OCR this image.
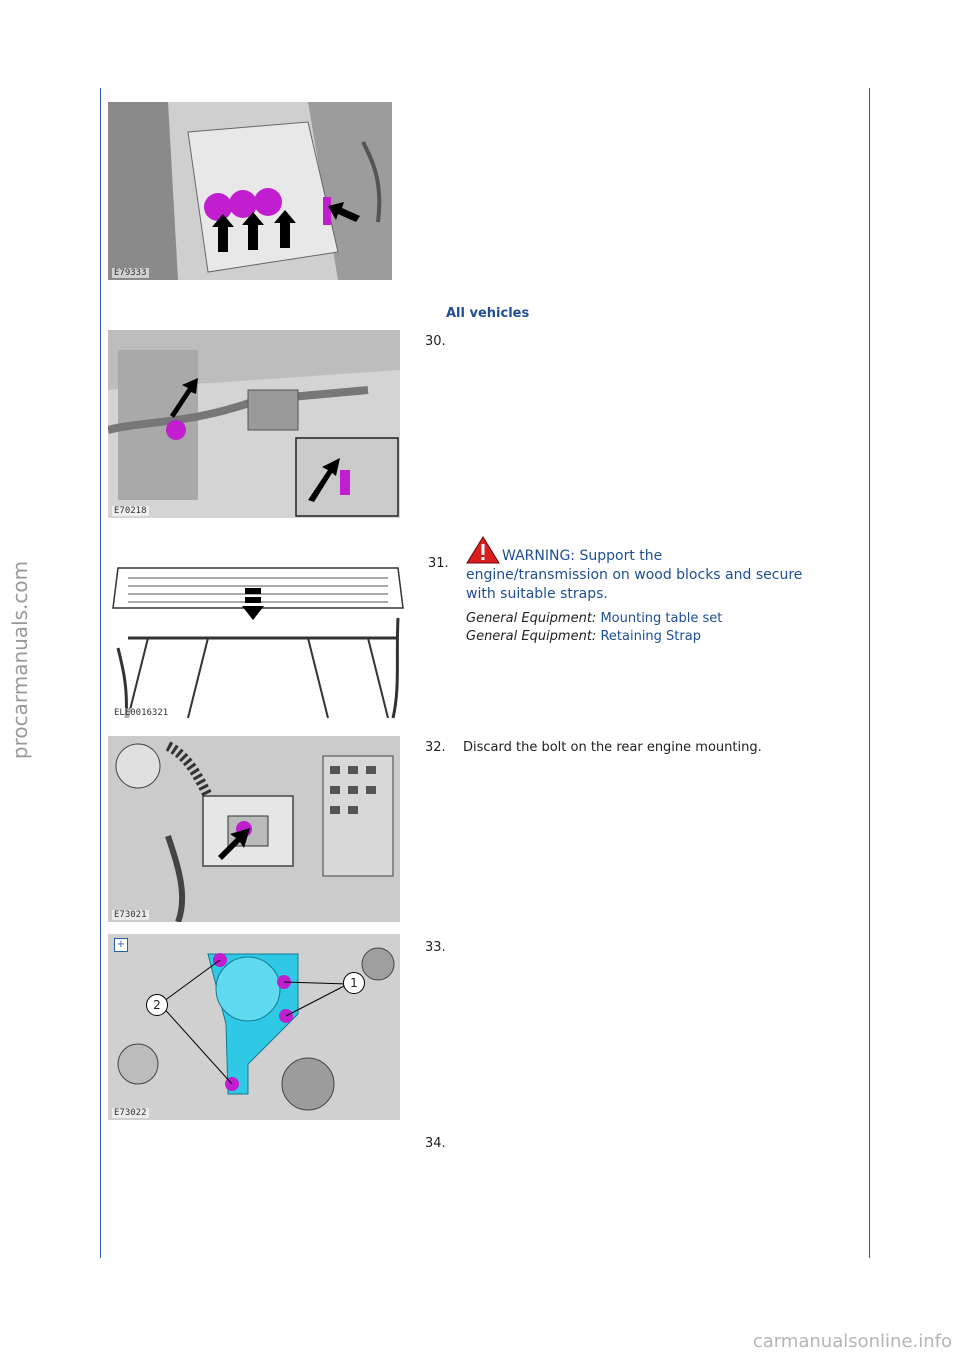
procarmanuals.com
carmanualsonline.info
E79333
All vehicles
E70218
30.
ELE0016321
31.	WARNING: Support the engine/transmission on wood blocks and secure with suitable straps.
General Equipment: Mounting table set
General Equipment: Retaining Strap
E73021
32. Discard the bolt on the rear engine mounting.
+
1
2
E73022
33.
34.
